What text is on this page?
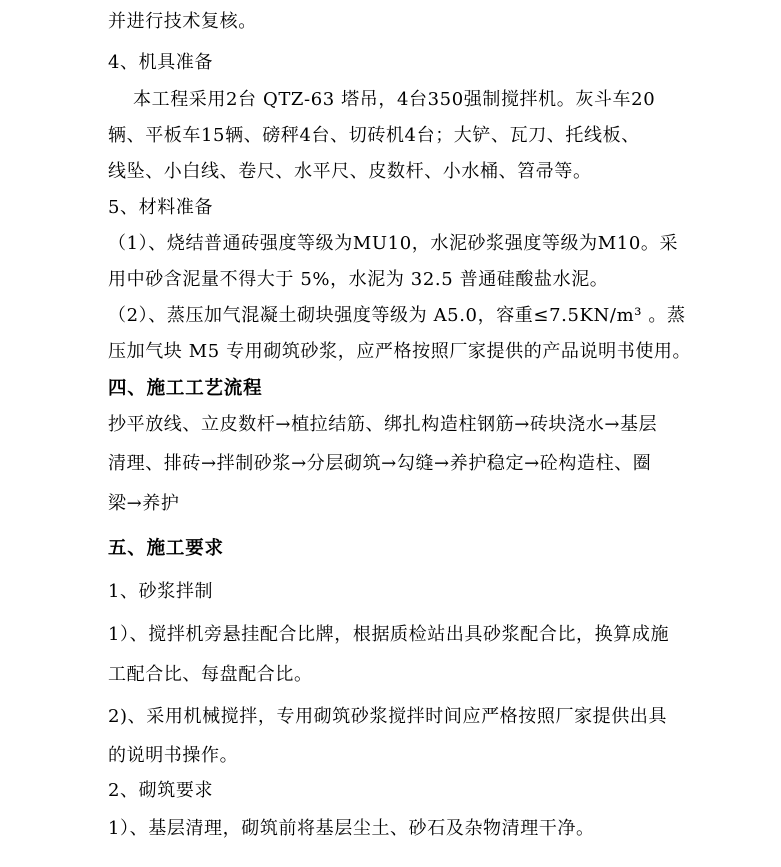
并进行技术复核。
4、机具准备
本工程采用2台 QTZ-63 塔吊，4台350强制搅拌机。灰斗车20
辆、平板车15辆、磅秤4台、切砖机4台；大铲、瓦刀、托线板、
线坠、小白线、卷尺、水平尺、皮数杆、小水桶、笤帚等。
5、材料准备
（1）、烧结普通砖强度等级为MU10，水泥砂浆强度等级为M10。采
用中砂含泥量不得大于 5%，水泥为 32.5 普通硅酸盐水泥。
（2）、蒸压加气混凝土砌块强度等级为 A5.0，容重≤7.5KN/m³ 。蒸
压加气块 M5 专用砌筑砂浆，应严格按照厂家提供的产品说明书使用。
四、施工工艺流程
抄平放线、立皮数杆→植拉结筋、绑扎构造柱钢筋→砖块浇水→基层
清理、排砖→拌制砂浆→分层砌筑→勾缝→养护稳定→砼构造柱、圈
梁→养护
五、施工要求
1、砂浆拌制
1）、搅拌机旁悬挂配合比牌，根据质检站出具砂浆配合比，换算成施
工配合比、每盘配合比。
2)、采用机械搅拌，专用砌筑砂浆搅拌时间应严格按照厂家提供出具
的说明书操作。
2、砌筑要求
1）、基层清理，砌筑前将基层尘土、砂石及杂物清理干净。
